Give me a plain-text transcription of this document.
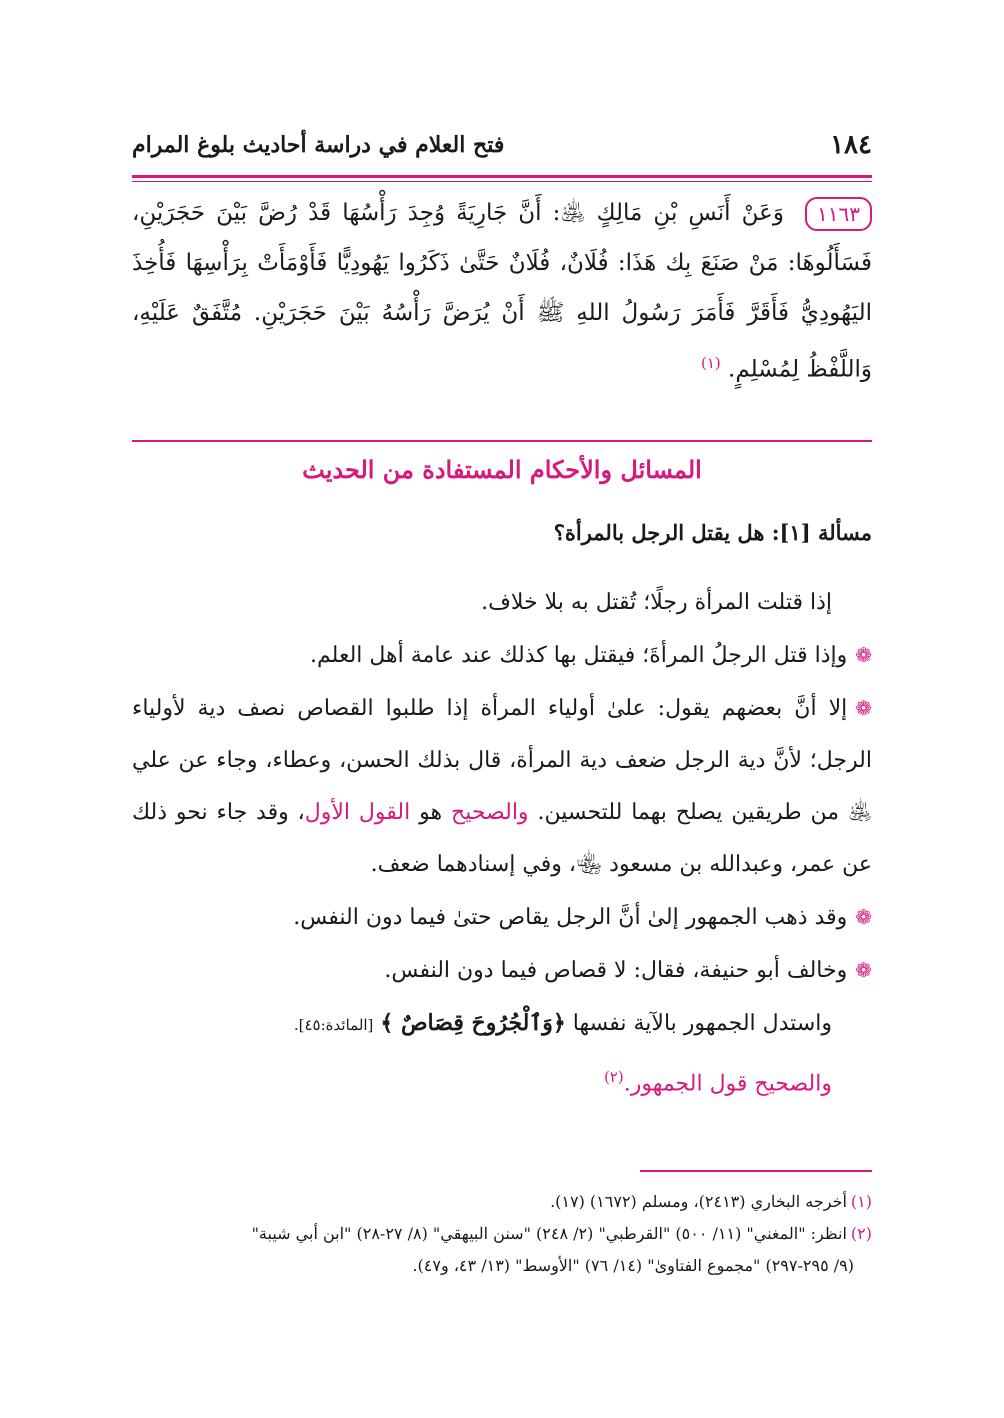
١٨٤
فتح العلام في دراسة أحاديث بلوغ المرام
١١٦٣ وَعَنْ أَنَسِ بْنِ مَالِكٍ ﵁: أَنَّ جَارِيَةً وُجِدَ رَأْسُهَا قَدْ رُضَّ بَيْنَ حَجَرَيْنِ، فَسَأَلُوهَا: مَنْ صَنَعَ بِك هَذَا: فُلَانٌ، فُلَانٌ حَتَّىٰ ذَكَرُوا يَهُودِيًّا فَأَوْمَأَتْ بِرَأْسِهَا فَأُخِذَ اليَهُودِيُّ فَأَقَرَّ فَأَمَرَ رَسُولُ اللهِ ﷺ أَنْ يُرَضَّ رَأْسُهُ بَيْنَ حَجَرَيْنِ. مُتَّفَقٌ عَلَيْهِ، وَاللَّفْظُ لِمُسْلِمٍ. $^{(١)}$
المسائل والأحكام المستفادة من الحديث
مسألة [١]: هل يقتل الرجل بالمرأة؟

إذا قتلت المرأة رجلًا؛ تُقتل به بلا خلاف.

❁وإذا قتل الرجلُ المرأةَ؛ فيقتل بها كذلك عند عامة أهل العلم.

❁إلا أنَّ بعضهم يقول: علىٰ أولياء المرأة إذا طلبوا القصاص نصف دية لأولياء الرجل؛ لأنَّ دية الرجل ضعف دية المرأة، قال بذلك الحسن، وعطاء، وجاء عن علي ﵁ من طريقين يصلح بهما للتحسين. والصحيح هو القول الأول، وقد جاء نحو ذلك عن عمر، وعبدالله بن مسعود ﵄، وفي إسنادهما ضعف.

❁وقد ذهب الجمهور إلىٰ أنَّ الرجل يقاص حتىٰ فيما دون النفس.

❁وخالف أبو حنيفة، فقال: لا قصاص فيما دون النفس.

واستدل الجمهور بالآية نفسها ﴿وَٱلْجُرُوحَ قِصَاصٌ ﴾ [المائدة:٤٥].

والصحيح قول الجمهور.$^{(٢)}$

(١)أخرجه البخاري (٢٤١٣)، ومسلم (١٦٧٢) (١٧).

(٢)انظر: "المغني" (١١/ ٥٠٠) "القرطبي" (٢/ ٢٤٨) "سنن البيهقي" (٨/ ٢٧-٢٨) "ابن أبي شيبة"

(٩/ ٢٩٥-٢٩٧) "مجموع الفتاوىٰ" (١٤/ ٧٦) "الأوسط" (١٣/ ٤٣، و٤٧).
